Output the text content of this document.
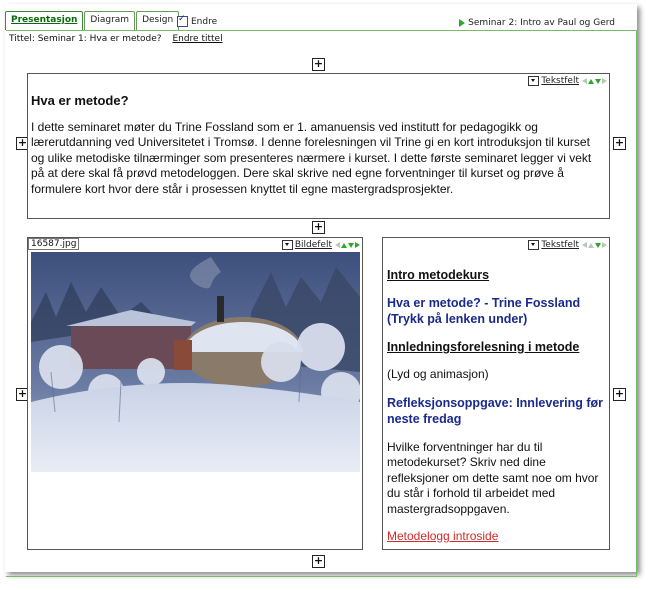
Presentasjon	Diagram	Design
✓	Endre	Seminar 2: Intro av Paul og Gerd
Tittel: Seminar 1: Hva er metode? Endre tittel
+
+	+
+
+	+
+
Tekstfelt
Hva er metode?

I dette seminaret møter du Trine Fossland som er 1. amanuensis ved institutt for pedagogikk og lærerutdanning ved Universitetet i Tromsø. I denne forelesningen vil Trine gi en kort introduksjon til kurset og ulike metodiske tilnærminger som presenteres nærmere i kurset. I dette første seminaret legger vi vekt på at dere skal få prøvd metodeloggen. Dere skal skrive ned egne forventninger til kurset og prøve å formulere kort hvor dere står i prosessen knyttet til egne mastergradsprosjekter.

16587.jpg	Bildefelt	Tekstfelt
Intro metodekurs
Hva er metode? - Trine Fossland (Trykk på lenken under)
Innledningsforelesning i metode
(Lyd og animasjon)
Refleksjonsoppgave: Innlevering før neste fredag
Hvilke forventninger har du til metodekurset? Skriv ned dine refleksjoner om dette samt noe om hvor du står i forhold til arbeidet med mastergradsoppgaven.
Metodelogg introside
